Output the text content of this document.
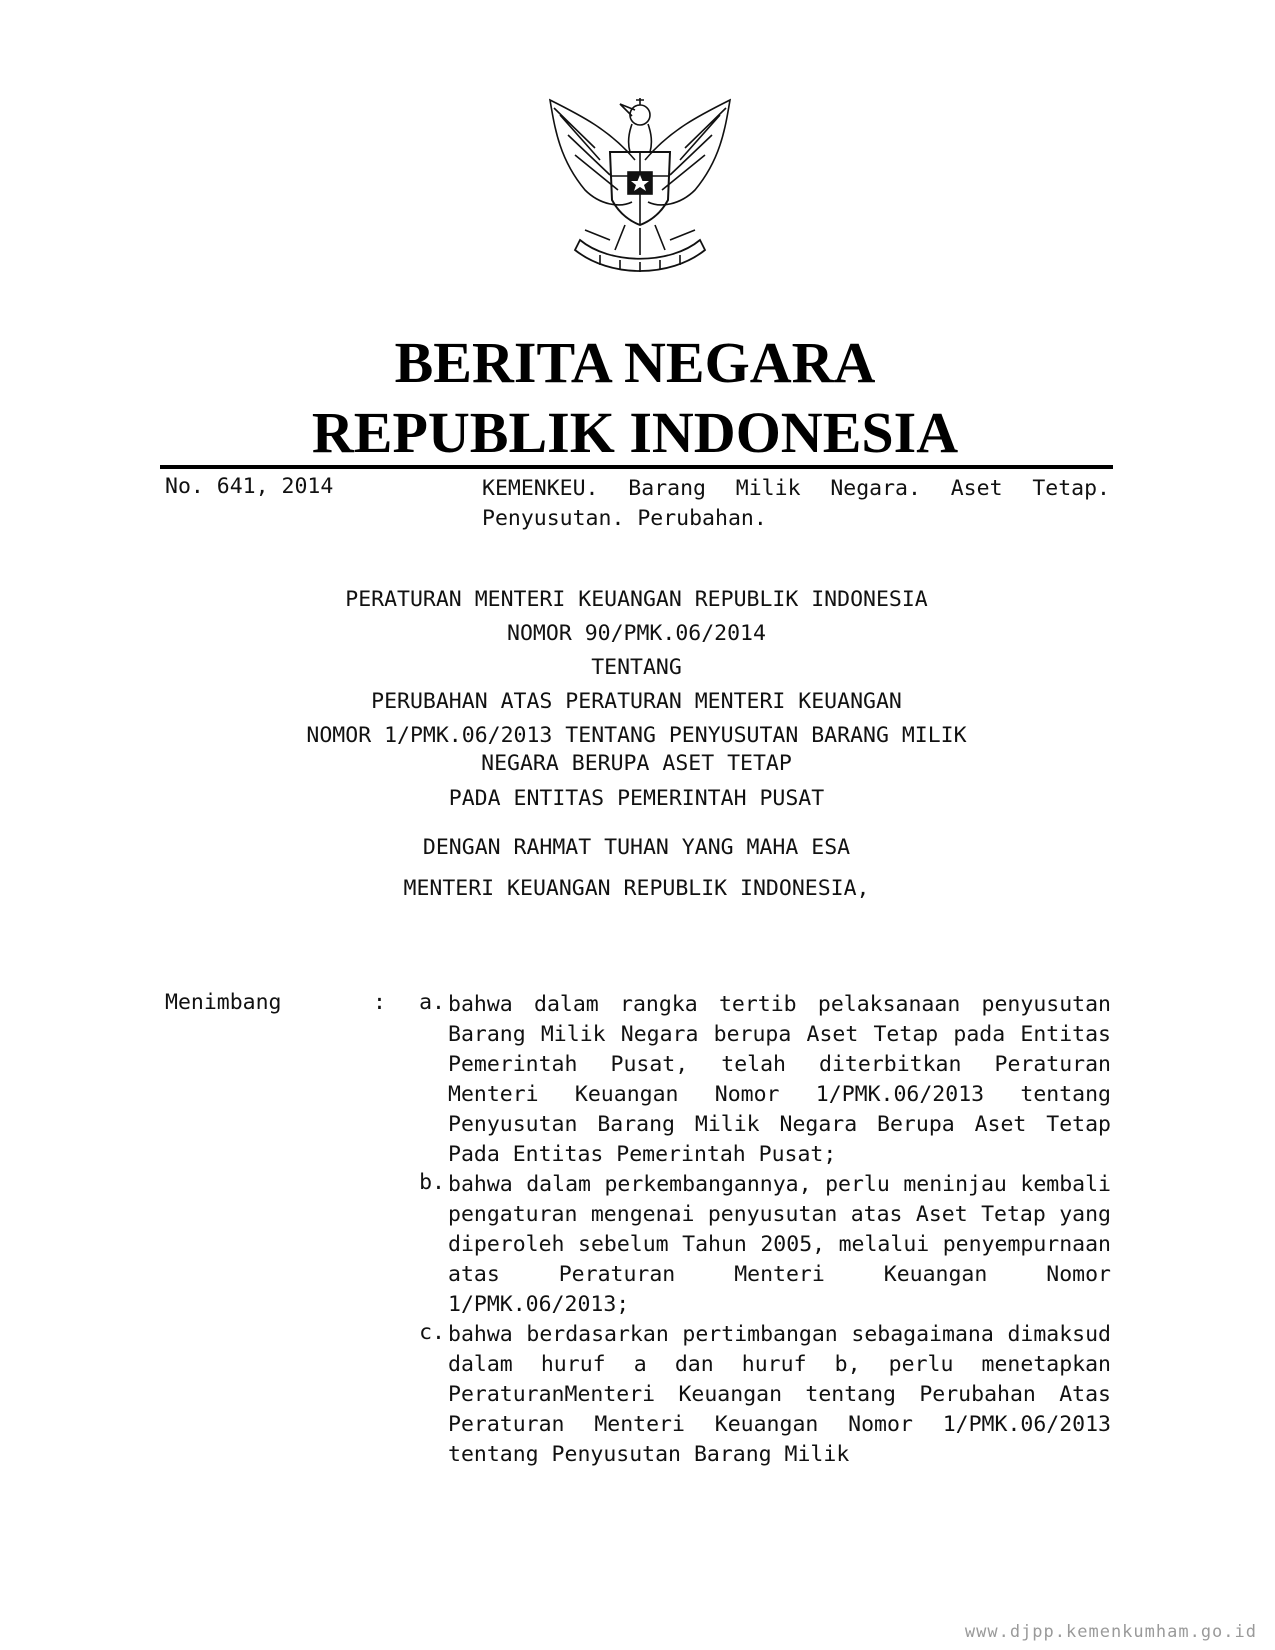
BERITA NEGARA
REPUBLIK INDONESIA
No. 641, 2014	KEMENKEU. Barang Milik Negara. Aset Tetap.
Penyusutan. Perubahan.
PERATURAN MENTERI KEUANGAN REPUBLIK INDONESIA
NOMOR 90/PMK.06/2014
TENTANG
PERUBAHAN ATAS PERATURAN MENTERI KEUANGAN
NOMOR 1/PMK.06/2013 TENTANG PENYUSUTAN BARANG MILIK
NEGARA BERUPA ASET TETAP
PADA ENTITAS PEMERINTAH PUSAT
DENGAN RAHMAT TUHAN YANG MAHA ESA
MENTERI KEUANGAN REPUBLIK INDONESIA,
Menimbang	:	a. bahwa dalam rangka tertib pelaksanaan penyusutan Barang Milik Negara berupa Aset Tetap pada Entitas Pemerintah Pusat, telah diterbitkan Peraturan Menteri Keuangan Nomor 1/PMK.06/2013 tentang Penyusutan Barang Milik Negara Berupa Aset Tetap Pada Entitas Pemerintah Pusat;
b. bahwa dalam perkembangannya, perlu meninjau kembali pengaturan mengenai penyusutan atas Aset Tetap yang diperoleh sebelum Tahun 2005, melalui penyempurnaan atas Peraturan Menteri Keuangan Nomor 1/PMK.06/2013;
c. bahwa berdasarkan pertimbangan sebagaimana dimaksud dalam huruf a dan huruf b, perlu menetapkan PeraturanMenteri Keuangan tentang Perubahan Atas Peraturan Menteri Keuangan Nomor 1/PMK.06/2013 tentang Penyusutan Barang Milik
www.djpp.kemenkumham.go.id
